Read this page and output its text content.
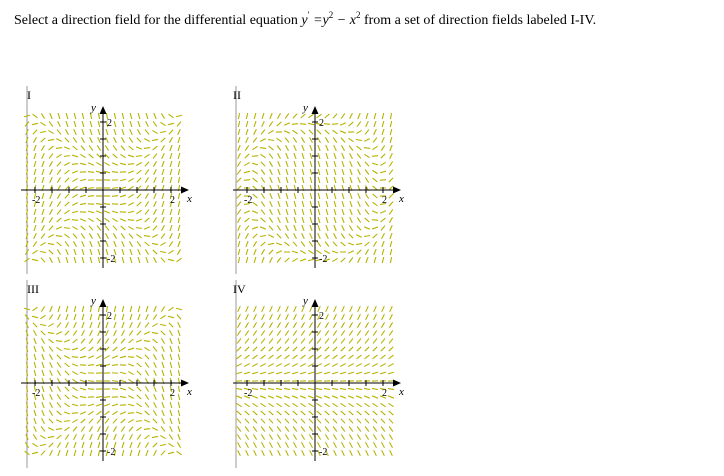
Select a direction field for the differential equation $y' =y^2 - x^2$ from a set of direction fields labeled I-IV.
I
-2	2
2
-2
x
y
II
-2	2
2
-2
x
y
III
-2	2
2
-2
x
y
IV
-2	2
2
-2
x
y
